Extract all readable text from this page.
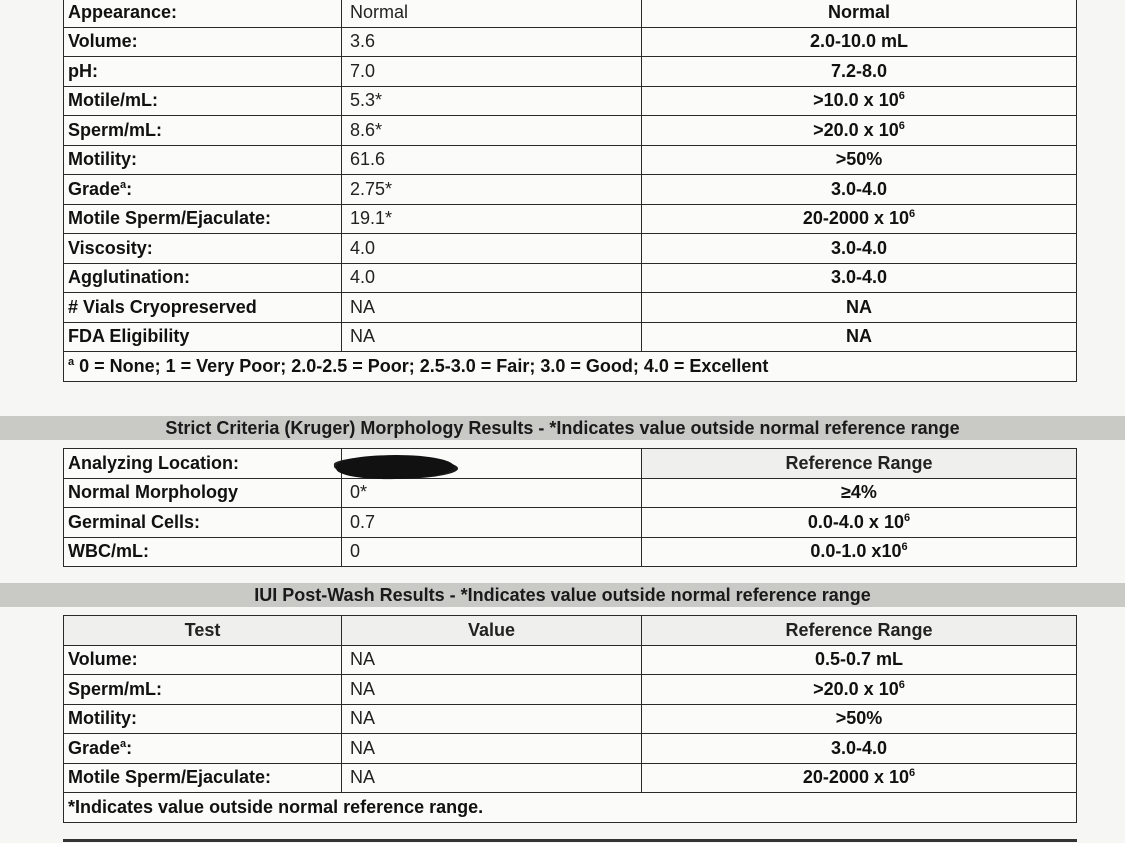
Appearance:	Normal	Normal
Volume:	3.6	2.0-10.0 mL
pH:	7.0	7.2-8.0
Motile/mL:	5.3*	>10.0 x $10^6$
Sperm/mL:	8.6*	>20.0 x $10^6$
Motility:	61.6	>50%
Grade$^a$:	2.75*	3.0-4.0
Motile Sperm/Ejaculate:	19.1*	20-2000 x $10^6$
Viscosity:	4.0	3.0-4.0
Agglutination:	4.0	3.0-4.0
# Vials Cryopreserved	NA	NA
FDA Eligibility	NA	NA
$^a$ 0 = None; 1 = Very Poor; 2.0-2.5 = Poor; 2.5-3.0 = Fair; 3.0 = Good; 4.0 = Excellent		
Strict Criteria (Kruger) Morphology Results - *Indicates value outside normal reference range
Analyzing Location:		Reference Range
Normal Morphology	0*	≥4%
Germinal Cells:	0.7	0.0-4.0 x $10^6$
WBC/mL:	0	0.0-1.0 $x10^6$
IUI Post-Wash Results - *Indicates value outside normal reference range
Test	Value	Reference Range
Volume:	NA	0.5-0.7 mL
Sperm/mL:	NA	>20.0 x $10^6$
Motility:	NA	>50%
Grade$^a$:	NA	3.0-4.0
Motile Sperm/Ejaculate:	NA	20-2000 x $10^6$
*Indicates value outside normal reference range.		
